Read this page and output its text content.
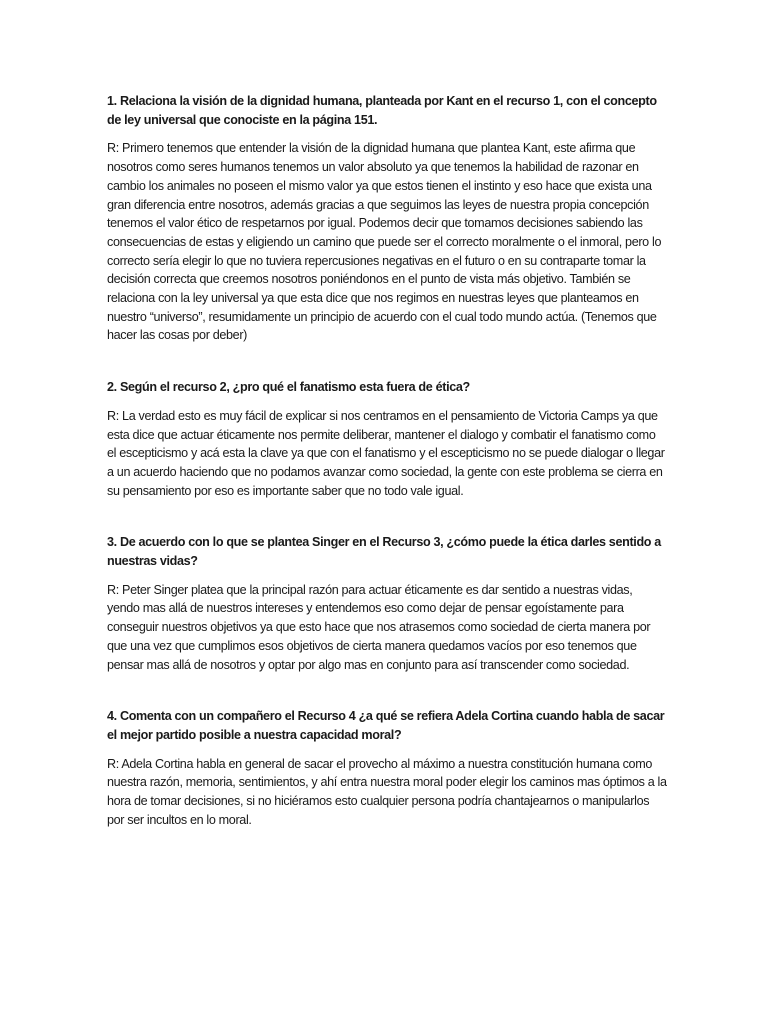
1. Relaciona la visión de la dignidad humana, planteada por Kant en el recurso 1, con el concepto de ley universal que conociste en la página 151.

R: Primero tenemos que entender la visión de la dignidad humana que plantea Kant, este afirma que nosotros como seres humanos tenemos un valor absoluto ya que tenemos la habilidad de razonar en cambio los animales no poseen el mismo valor ya que estos tienen el instinto y eso hace que exista una gran diferencia entre nosotros, además gracias a que seguimos las leyes de nuestra propia concepción tenemos el valor ético de respetarnos por igual. Podemos decir que tomamos decisiones sabiendo las consecuencias de estas y eligiendo un camino que puede ser el correcto moralmente o el inmoral, pero lo correcto sería elegir lo que no tuviera repercusiones negativas en el futuro o en su contraparte tomar la decisión correcta que creemos nosotros poniéndonos en el punto de vista más objetivo. También se relaciona con la ley universal ya que esta dice que nos regimos en nuestras leyes que planteamos en nuestro “universo”, resumidamente un principio de acuerdo con el cual todo mundo actúa. (Tenemos que hacer las cosas por deber)

2. Según el recurso 2, ¿pro qué el fanatismo esta fuera de ética?

R: La verdad esto es muy fácil de explicar si nos centramos en el pensamiento de Victoria Camps ya que esta dice que actuar éticamente nos permite deliberar, mantener el dialogo y combatir el fanatismo como el escepticismo y acá esta la clave ya que con el fanatismo y el escepticismo no se puede dialogar o llegar a un acuerdo haciendo que no podamos avanzar como sociedad, la gente con este problema se cierra en su pensamiento por eso es importante saber que no todo vale igual.

3. De acuerdo con lo que se plantea Singer en el Recurso 3, ¿cómo puede la ética darles sentido a nuestras vidas?

R: Peter Singer platea que la principal razón para actuar éticamente es dar sentido a nuestras vidas, yendo mas allá de nuestros intereses y entendemos eso como dejar de pensar egoístamente para conseguir nuestros objetivos ya que esto hace que nos atrasemos como sociedad de cierta manera por que una vez que cumplimos esos objetivos de cierta manera quedamos vacíos por eso tenemos que pensar mas allá de nosotros y optar por algo mas en conjunto para así transcender como sociedad.

4. Comenta con un compañero el Recurso 4 ¿a qué se refiera Adela Cortina cuando habla de sacar el mejor partido posible a nuestra capacidad moral?

R: Adela Cortina habla en general de sacar el provecho al máximo a nuestra constitución humana como nuestra razón, memoria, sentimientos, y ahí entra nuestra moral poder elegir los caminos mas óptimos a la hora de tomar decisiones, si no hiciéramos esto cualquier persona podría chantajearnos o manipularlos por ser incultos en lo moral.
